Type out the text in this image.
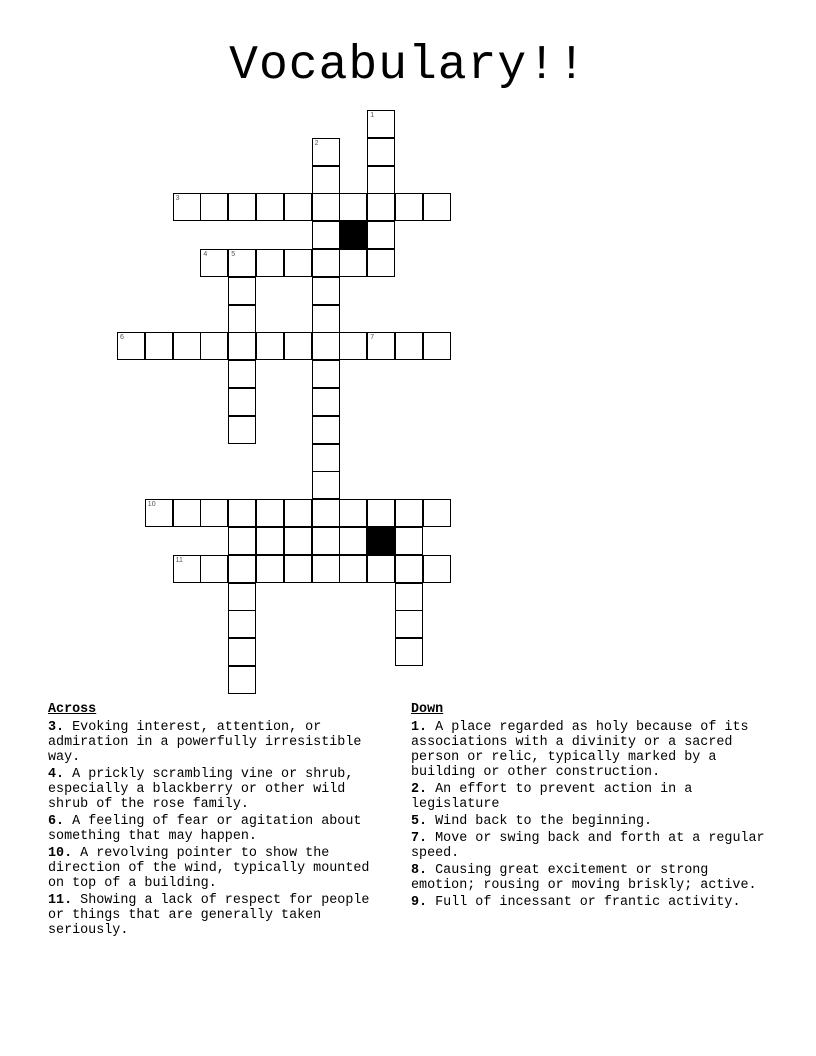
Vocabulary!!
1
2
3
4	5
6	7
10
11
Across
3. Evoking interest, attention, or admiration in a powerfully irresistible way.
4. A prickly scrambling vine or shrub, especially a blackberry or other wild shrub of the rose family.
6. A feeling of fear or agitation about something that may happen.
10. A revolving pointer to show the direction of the wind, typically mounted on top of a building.
11. Showing a lack of respect for people or things that are generally taken seriously.
Down
1. A place regarded as holy because of its associations with a divinity or a sacred person or relic, typically marked by a building or other construction.
2. An effort to prevent action in a legislature
5. Wind back to the beginning.
7. Move or swing back and forth at a regular speed.
8. Causing great excitement or strong emotion; rousing or moving briskly; active.
9. Full of incessant or frantic activity.
